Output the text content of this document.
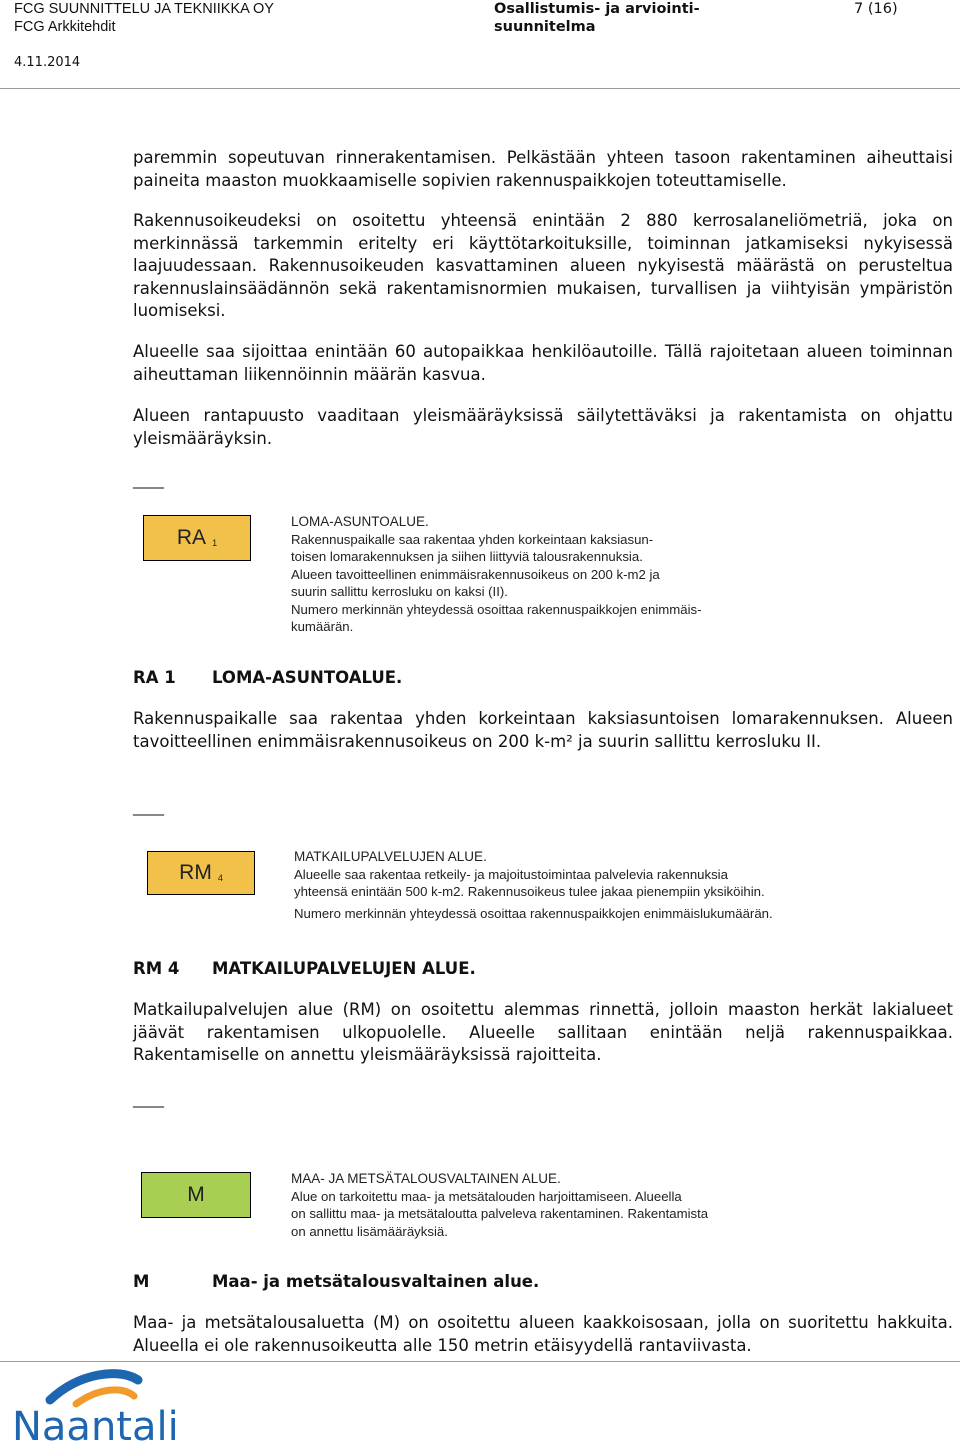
FCG SUUNNITTELU JA TEKNIIKKA OY
FCG Arkkitehdit
4.11.2014
Osallistumis- ja arviointi-suunnitelma
7 (16)
paremmin sopeutuvan rinnerakentamisen. Pelkästään yhteen tasoon rakentaminen aiheuttaisi paineita maaston muokkaamiselle sopivien rakennuspaikkojen toteuttamiselle.
Rakennusoikeudeksi on osoitettu yhteensä enintään 2 880 kerrosalaneliömetriä, joka on merkinnässä tarkemmin eritelty eri käyttötarkoituksille, toiminnan jatkamiseksi nykyisessä laajuudessaan. Rakennusoikeuden kasvattaminen alueen nykyisestä määrästä on perusteltua rakennuslainsäädännön sekä rakentamisnormien mukaisen, turvallisen ja viihtyisän ympäristön luomiseksi.
Alueelle saa sijoittaa enintään 60 autopaikkaa henkilöautoille. Tällä rajoitetaan alueen toiminnan aiheuttaman liikennöinnin määrän kasvua.
Alueen rantapuusto vaaditaan yleismääräyksissä säilytettäväksi ja rakentamista on ohjattu yleismääräyksin.
_____
RA $_1$
LOMA-ASUNTOALUE.
Rakennuspaikalle saa rakentaa yhden korkeintaan kaksiasun-
toisen lomarakennuksen ja siihen liittyviä talousrakennuksia.
Alueen tavoitteellinen enimmäisrakennusoikeus on 200 k-m2 ja
suurin sallittu kerrosluku on kaksi (II).
Numero merkinnän yhteydessä osoittaa rakennuspaikkojen enimmäis-
kumäärän.
RA 1 LOMA-ASUNTOALUE.
Rakennuspaikalle saa rakentaa yhden korkeintaan kaksiasuntoisen lomarakennuksen. Alueen tavoitteellinen enimmäisrakennusoikeus on 200 k-m² ja suurin sallittu kerrosluku II.
_____
RM $_4$
MATKAILUPALVELUJEN ALUE.
Alueelle saa rakentaa retkeily- ja majoitustoimintaa palvelevia rakennuksia
yhteensä enintään 500 k-m2. Rakennusoikeus tulee jakaa pienempiin yksiköihin.
Numero merkinnän yhteydessä osoittaa rakennuspaikkojen enimmäislukumäärän.
RM 4 MATKAILUPALVELUJEN ALUE.
Matkailupalvelujen alue (RM) on osoitettu alemmas rinnettä, jolloin maaston herkät lakialueet jäävät rakentamisen ulkopuolelle. Alueelle sallitaan enintään neljä rakennuspaikkaa. Rakentamiselle on annettu yleismääräyksissä rajoitteita.
_____
M
MAA- JA METSÄTALOUSVALTAINEN ALUE.
Alue on tarkoitettu maa- ja metsätalouden harjoittamiseen. Alueella
on sallittu maa- ja metsätaloutta palveleva rakentaminen. Rakentamista
on annettu lisämääräyksiä.
M	Maa- ja metsätalousvaltainen alue.
Maa- ja metsätalousaluetta (M) on osoitettu alueen kaakkoisosaan, jolla on suoritettu hakkuita. Alueella ei ole rakennusoikeutta alle 150 metrin etäisyydellä rantaviivasta.
Naantali
